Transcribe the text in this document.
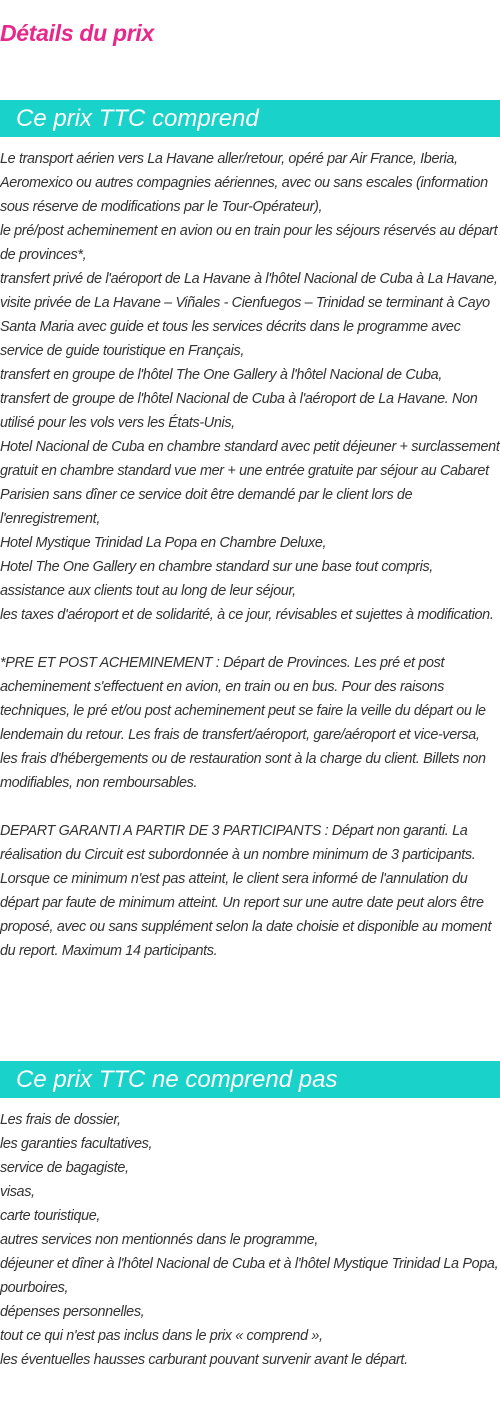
Détails du prix
Ce prix TTC comprend
Le transport aérien vers La Havane aller/retour, opéré par Air France, Iberia, Aeromexico ou autres compagnies aériennes, avec ou sans escales (information sous réserve de modifications par le Tour-Opérateur),
le pré/post acheminement en avion ou en train pour les séjours réservés au départ de provinces*,
transfert privé de l'aéroport de La Havane à l'hôtel Nacional de Cuba à La Havane,
visite privée de La Havane – Viñales - Cienfuegos – Trinidad se terminant à Cayo Santa Maria avec guide et tous les services décrits dans le programme avec service de guide touristique en Français,
transfert en groupe de l'hôtel The One Gallery à l'hôtel Nacional de Cuba,
transfert de groupe de l'hôtel Nacional de Cuba à l'aéroport de La Havane. Non utilisé pour les vols vers les États-Unis,
Hotel Nacional de Cuba en chambre standard avec petit déjeuner + surclassement gratuit en chambre standard vue mer + une entrée gratuite par séjour au Cabaret Parisien sans dîner ce service doit être demandé par le client lors de l'enregistrement,
Hotel Mystique Trinidad La Popa en Chambre Deluxe,
Hotel The One Gallery en chambre standard sur une base tout compris,
assistance aux clients tout au long de leur séjour,
les taxes d'aéroport et de solidarité, à ce jour, révisables et sujettes à modification.
*PRE ET POST ACHEMINEMENT : Départ de Provinces. Les pré et post acheminement s'effectuent en avion, en train ou en bus. Pour des raisons techniques, le pré et/ou post acheminement peut se faire la veille du départ ou le lendemain du retour. Les frais de transfert/aéroport, gare/aéroport et vice-versa, les frais d'hébergements ou de restauration sont à la charge du client. Billets non modifiables, non remboursables.
DEPART GARANTI A PARTIR DE 3 PARTICIPANTS : Départ non garanti. La réalisation du Circuit est subordonnée à un nombre minimum de 3 participants. Lorsque ce minimum n'est pas atteint, le client sera informé de l'annulation du départ par faute de minimum atteint. Un report sur une autre date peut alors être proposé, avec ou sans supplément selon la date choisie et disponible au moment du report. Maximum 14 participants.
Ce prix TTC ne comprend pas
Les frais de dossier,
les garanties facultatives,
service de bagagiste,
visas,
carte touristique,
autres services non mentionnés dans le programme,
déjeuner et dîner à l'hôtel Nacional de Cuba et à l'hôtel Mystique Trinidad La Popa,
pourboires,
dépenses personnelles,
tout ce qui n'est pas inclus dans le prix « comprend »,
les éventuelles hausses carburant pouvant survenir avant le départ.
